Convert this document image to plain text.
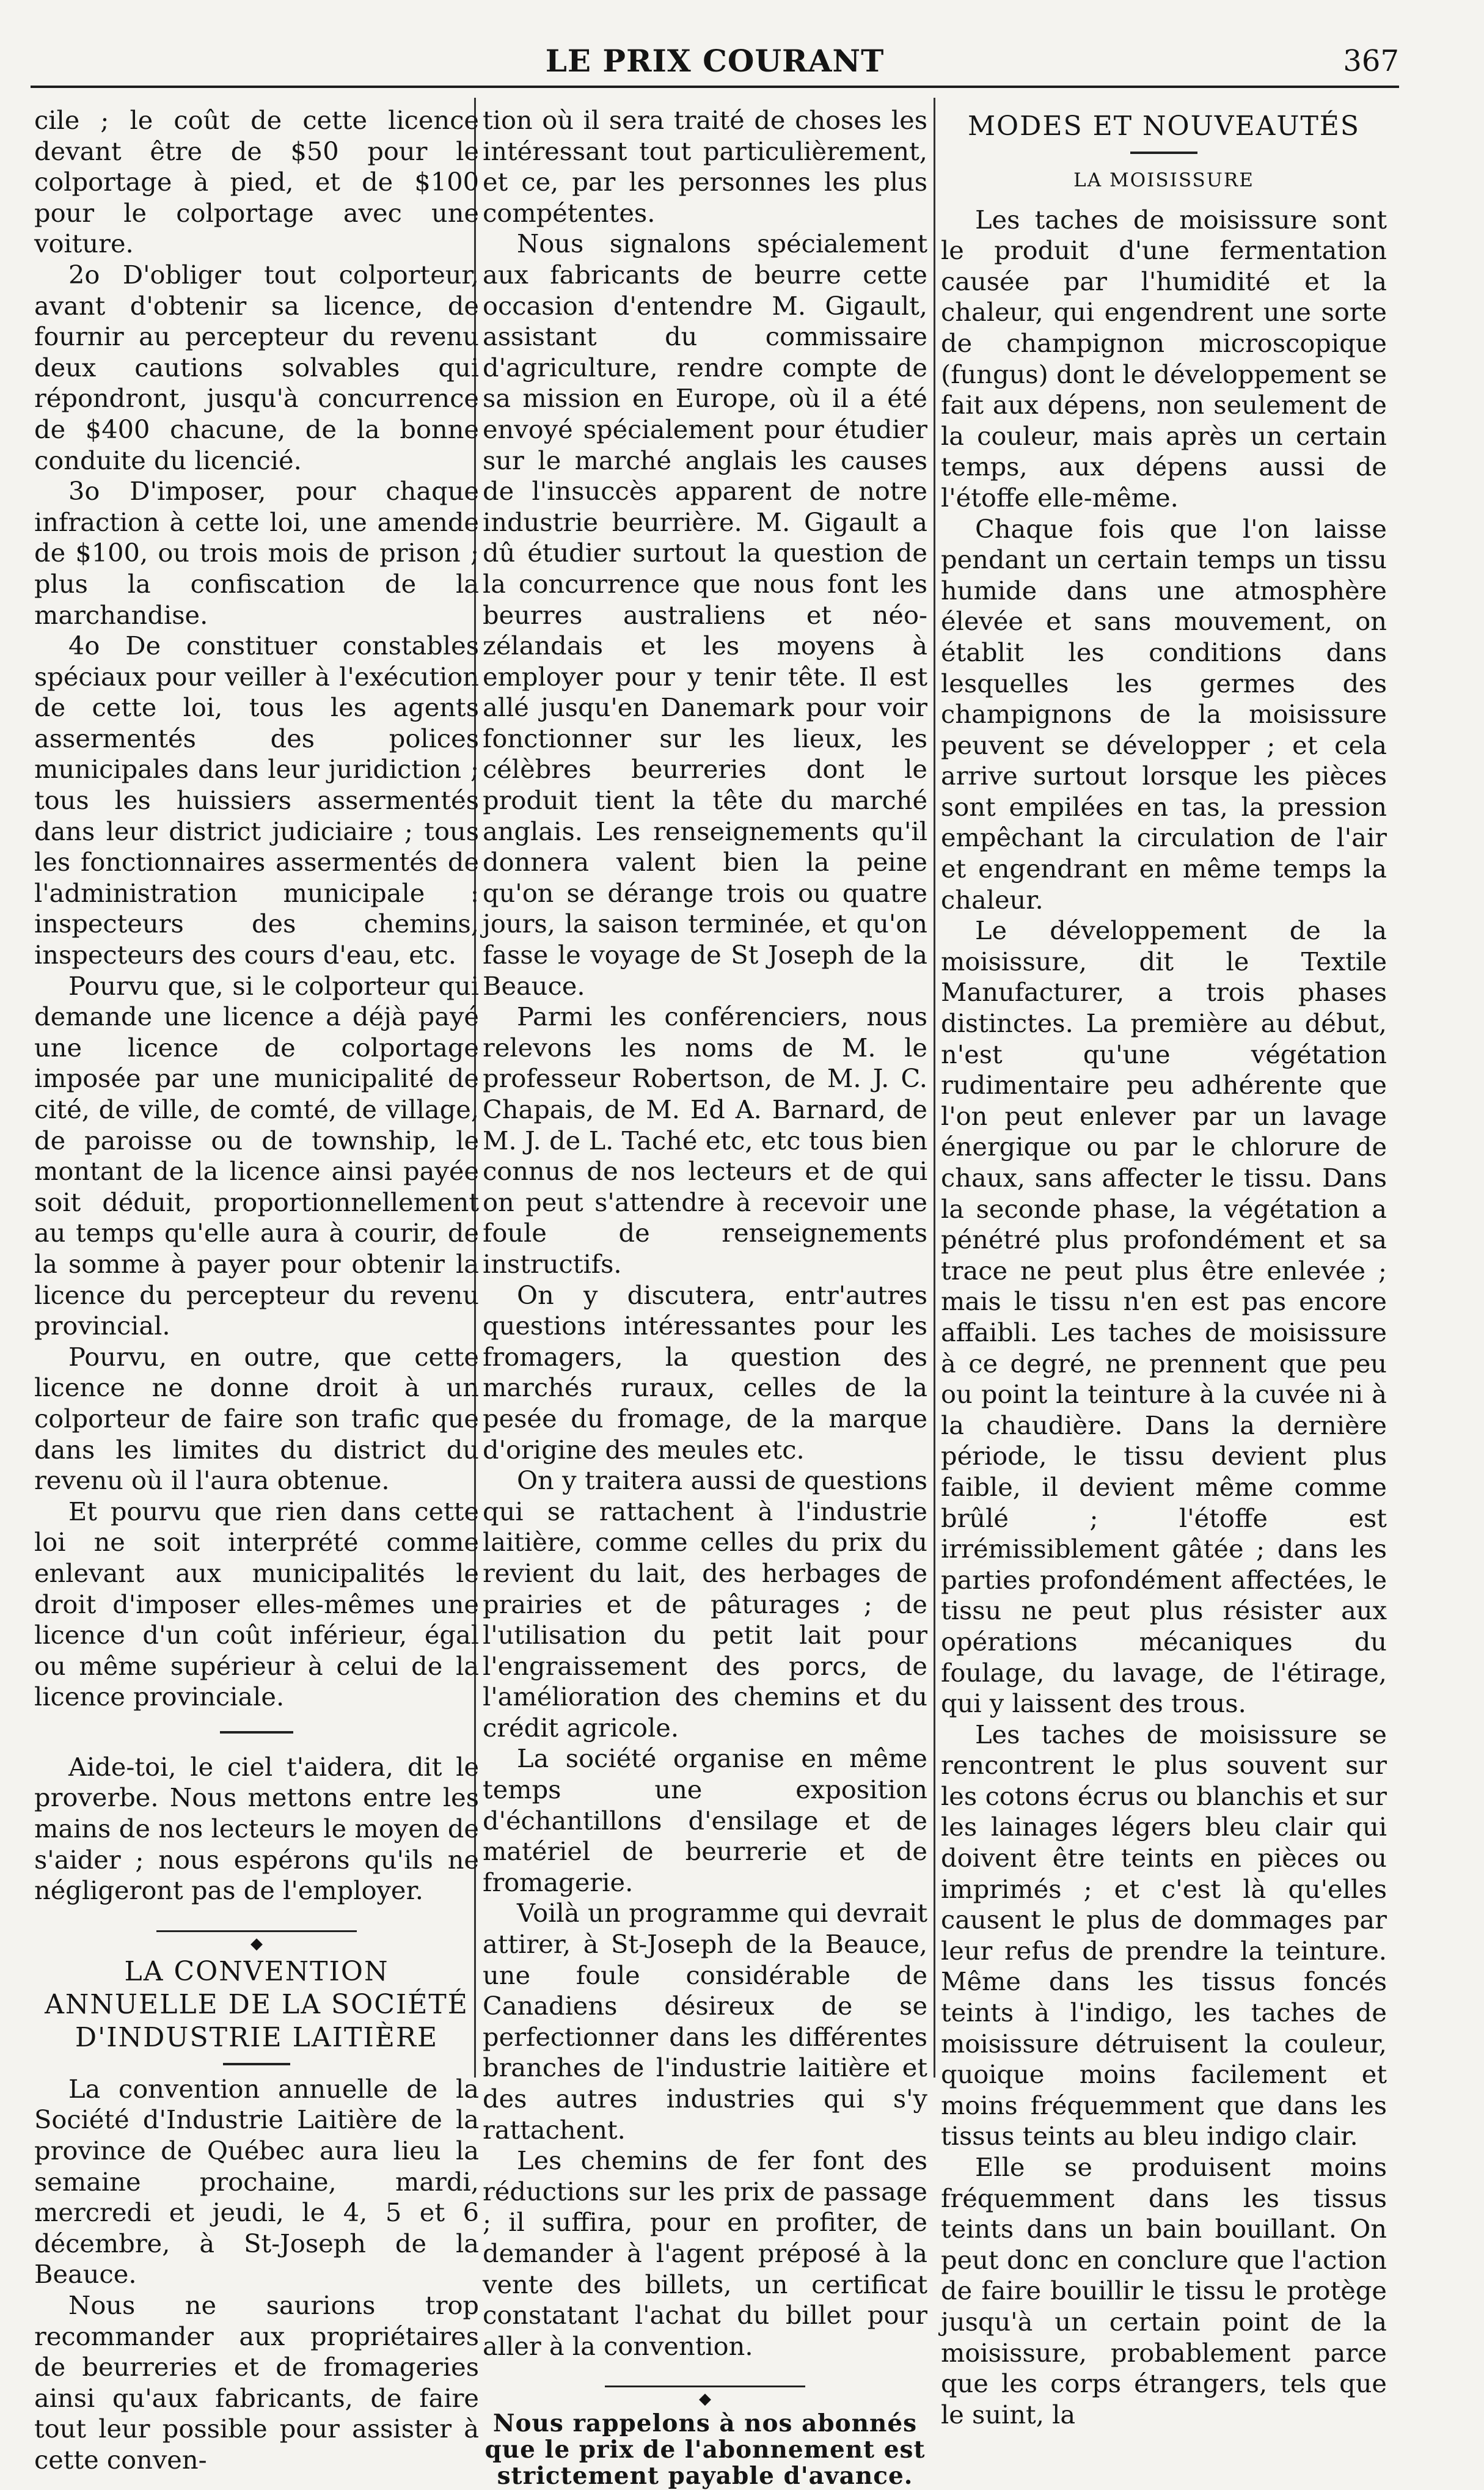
LE PRIX COURANT	367

cile ; le coût de cette licence devant être de $50 pour le colportage à pied, et de $100 pour le colportage avec une voiture.

2o D'obliger tout colporteur, avant d'obtenir sa licence, de fournir au percepteur du revenu deux cautions solvables qui répondront, jusqu'à concurrence de $400 chacune, de la bonne conduite du licencié.

3o D'imposer, pour chaque infraction à cette loi, une amende de $100, ou trois mois de prison ; plus la confiscation de la marchandise.

4o De constituer constables spéciaux pour veiller à l'exécution de cette loi, tous les agents assermentés des polices municipales dans leur juridiction ; tous les huissiers assermentés dans leur district judiciaire ; tous les fonctionnaires assermentés de l'administration municipale : inspecteurs des chemins, inspecteurs des cours d'eau, etc.

Pourvu que, si le colporteur qui demande une licence a déjà payé une licence de colportage imposée par une municipalité de cité, de ville, de comté, de village, de paroisse ou de township, le montant de la licence ainsi payée soit déduit, proportionnellement au temps qu'elle aura à courir, de la somme à payer pour obtenir la licence du percepteur du revenu provincial.

Pourvu, en outre, que cette licence ne donne droit à un colporteur de faire son trafic que dans les limites du district du revenu où il l'aura obtenue.

Et pourvu que rien dans cette loi ne soit interprété comme enlevant aux municipalités le droit d'imposer elles-mêmes une licence d'un coût inférieur, égal ou même supérieur à celui de la licence provinciale.

Aide-toi, le ciel t'aidera, dit le proverbe. Nous mettons entre les mains de nos lecteurs le moyen de s'aider ; nous espérons qu'ils ne négligeront pas de l'employer.

◆
LA CONVENTION ANNUELLE DE LA SOCIÉTÉ D'INDUSTRIE LAITIÈRE

La convention annuelle de la Société d'Industrie Laitière de la province de Québec aura lieu la semaine prochaine, mardi, mercredi et jeudi, le 4, 5 et 6 décembre, à St-Joseph de la Beauce.

Nous ne saurions trop recommander aux propriétaires de beurreries et de fromageries ainsi qu'aux fabricants, de faire tout leur possible pour assister à cette conven-

tion où il sera traité de choses les intéressant tout particulièrement, et ce, par les personnes les plus compétentes.

Nous signalons spécialement aux fabricants de beurre cette occasion d'entendre M. Gigault, assistant du commissaire d'agriculture, rendre compte de sa mission en Europe, où il a été envoyé spécialement pour étudier sur le marché anglais les causes de l'insuccès apparent de notre industrie beurrière. M. Gigault a dû étudier surtout la question de la concurrence que nous font les beurres australiens et néo-zélandais et les moyens à employer pour y tenir tête. Il est allé jusqu'en Danemark pour voir fonctionner sur les lieux, les célèbres beurreries dont le produit tient la tête du marché anglais. Les renseignements qu'il donnera valent bien la peine qu'on se dérange trois ou quatre jours, la saison terminée, et qu'on fasse le voyage de St Joseph de la Beauce.

Parmi les conférenciers, nous relevons les noms de M. le professeur Robertson, de M. J. C. Chapais, de M. Ed A. Barnard, de M. J. de L. Taché etc, etc tous bien connus de nos lecteurs et de qui on peut s'attendre à recevoir une foule de renseignements instructifs.

On y discutera, entr'autres questions intéressantes pour les fromagers, la question des marchés ruraux, celles de la pesée du fromage, de la marque d'origine des meules etc.

On y traitera aussi de questions qui se rattachent à l'industrie laitière, comme celles du prix du revient du lait, des herbages de prairies et de pâturages ; de l'utilisation du petit lait pour l'engraissement des porcs, de l'amélioration des chemins et du crédit agricole.

La société organise en même temps une exposition d'échantillons d'ensilage et de matériel de beurrerie et de fromagerie.

Voilà un programme qui devrait attirer, à St-Joseph de la Beauce, une foule considérable de Canadiens désireux de se perfectionner dans les différentes branches de l'industrie laitière et des autres industries qui s'y rattachent.

Les chemins de fer font des réductions sur les prix de passage ; il suffira, pour en profiter, de demander à l'agent préposé à la vente des billets, un certificat constatant l'achat du billet pour aller à la convention.

◆

Nous rappelons à nos abonnés que le prix de l'abonnement est strictement payable d'avance.

MODES ET NOUVEAUTÉS
LA MOISISSURE

Les taches de moisissure sont le produit d'une fermentation causée par l'humidité et la chaleur, qui engendrent une sorte de champignon microscopique (fungus) dont le développement se fait aux dépens, non seulement de la couleur, mais après un certain temps, aux dépens aussi de l'étoffe elle-même.

Chaque fois que l'on laisse pendant un certain temps un tissu humide dans une atmosphère élevée et sans mouvement, on établit les conditions dans lesquelles les germes des champignons de la moisissure peuvent se développer ; et cela arrive surtout lorsque les pièces sont empilées en tas, la pression empêchant la circulation de l'air et engendrant en même temps la chaleur.

Le développement de la moisissure, dit le Textile Manufacturer, a trois phases distinctes. La première au début, n'est qu'une végétation rudimentaire peu adhérente que l'on peut enlever par un lavage énergique ou par le chlorure de chaux, sans affecter le tissu. Dans la seconde phase, la végétation a pénétré plus profondément et sa trace ne peut plus être enlevée ; mais le tissu n'en est pas encore affaibli. Les taches de moisissure à ce degré, ne prennent que peu ou point la teinture à la cuvée ni à la chaudière. Dans la dernière période, le tissu devient plus faible, il devient même comme brûlé ; l'étoffe est irrémissiblement gâtée ; dans les parties profondément affectées, le tissu ne peut plus résister aux opérations mécaniques du foulage, du lavage, de l'étirage, qui y laissent des trous.

Les taches de moisissure se rencontrent le plus souvent sur les cotons écrus ou blanchis et sur les lainages légers bleu clair qui doivent être teints en pièces ou imprimés ; et c'est là qu'elles causent le plus de dommages par leur refus de prendre la teinture. Même dans les tissus foncés teints à l'indigo, les taches de moisissure détruisent la couleur, quoique moins facilement et moins fréquemment que dans les tissus teints au bleu indigo clair.

Elle se produisent moins fréquemment dans les tissus teints dans un bain bouillant. On peut donc en conclure que l'action de faire bouillir le tissu le protège jusqu'à un certain point de la moisissure, probablement parce que les corps étrangers, tels que le suint, la
